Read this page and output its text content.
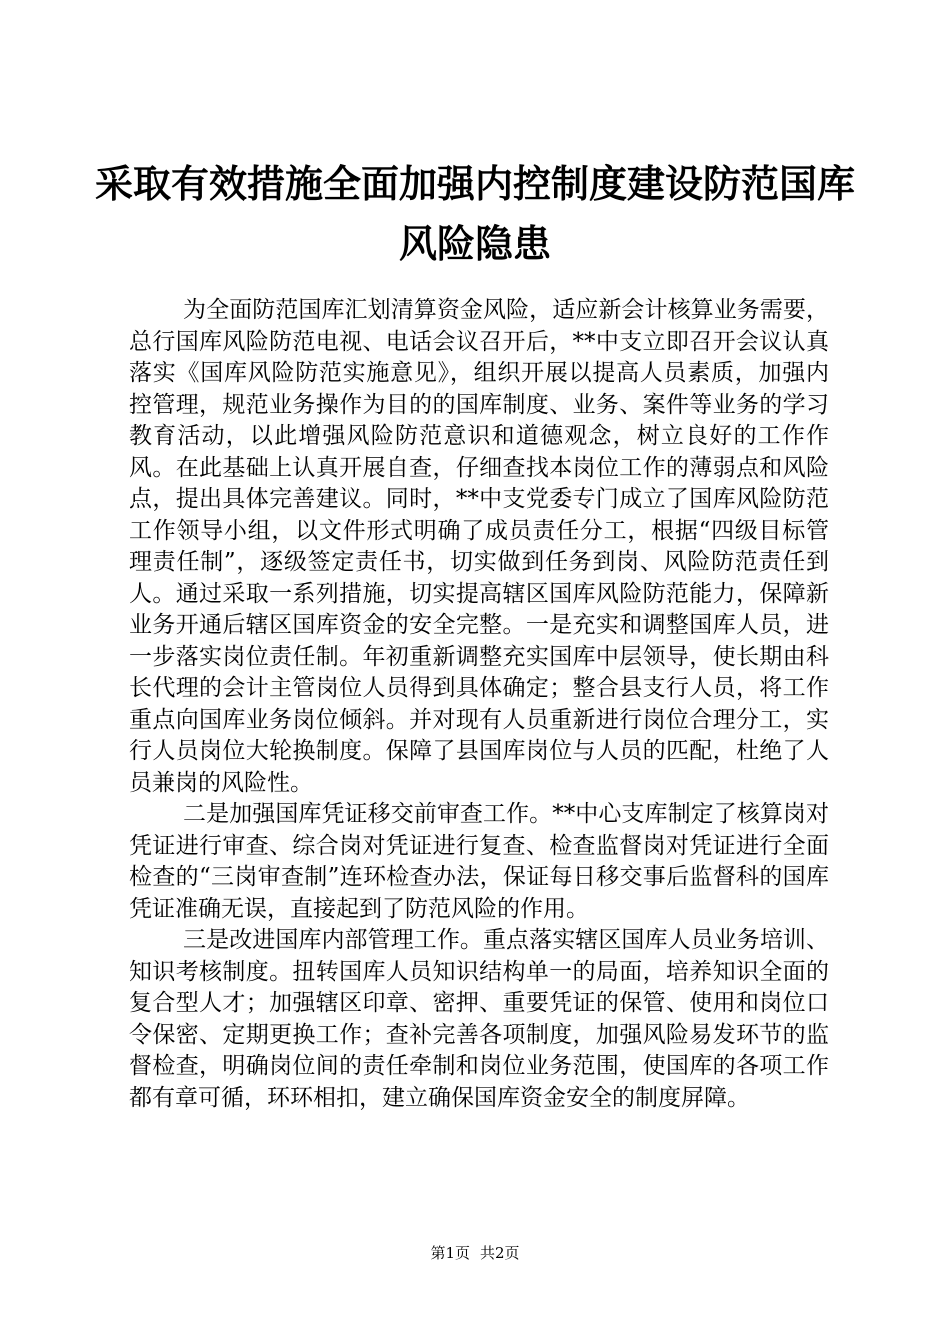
采取有效措施全面加强内控制度建设防范国库
风险隐患

为全面防范国库汇划清算资金风险，适应新会计核算业务需要，总行国库风险防范电视、电话会议召开后，**中支立即召开会议认真落实《国库风险防范实施意见》，组织开展以提高人员素质，加强内控管理，规范业务操作为目的的国库制度、业务、案件等业务的学习教育活动，以此增强风险防范意识和道德观念，树立良好的工作作风。在此基础上认真开展自查，仔细查找本岗位工作的薄弱点和风险点，提出具体完善建议。同时，**中支党委专门成立了国库风险防范工作领导小组，以文件形式明确了成员责任分工，根据“四级目标管理责任制”，逐级签定责任书，切实做到任务到岗、风险防范责任到人。通过采取一系列措施，切实提高辖区国库风险防范能力，保障新业务开通后辖区国库资金的安全完整。一是充实和调整国库人员，进一步落实岗位责任制。年初重新调整充实国库中层领导，使长期由科长代理的会计主管岗位人员得到具体确定；整合县支行人员，将工作重点向国库业务岗位倾斜。并对现有人员重新进行岗位合理分工，实行人员岗位大轮换制度。保障了县国库岗位与人员的匹配，杜绝了人员兼岗的风险性。

二是加强国库凭证移交前审查工作。**中心支库制定了核算岗对凭证进行审查、综合岗对凭证进行复查、检查监督岗对凭证进行全面检查的“三岗审查制”连环检查办法，保证每日移交事后监督科的国库凭证准确无误，直接起到了防范风险的作用。

三是改进国库内部管理工作。重点落实辖区国库人员业务培训、知识考核制度。扭转国库人员知识结构单一的局面，培养知识全面的复合型人才；加强辖区印章、密押、重要凭证的保管、使用和岗位口令保密、定期更换工作；查补完善各项制度，加强风险易发环节的监督检查，明确岗位间的责任牵制和岗位业务范围，使国库的各项工作都有章可循，环环相扣，建立确保国库资金安全的制度屏障。

第1页 共2页
